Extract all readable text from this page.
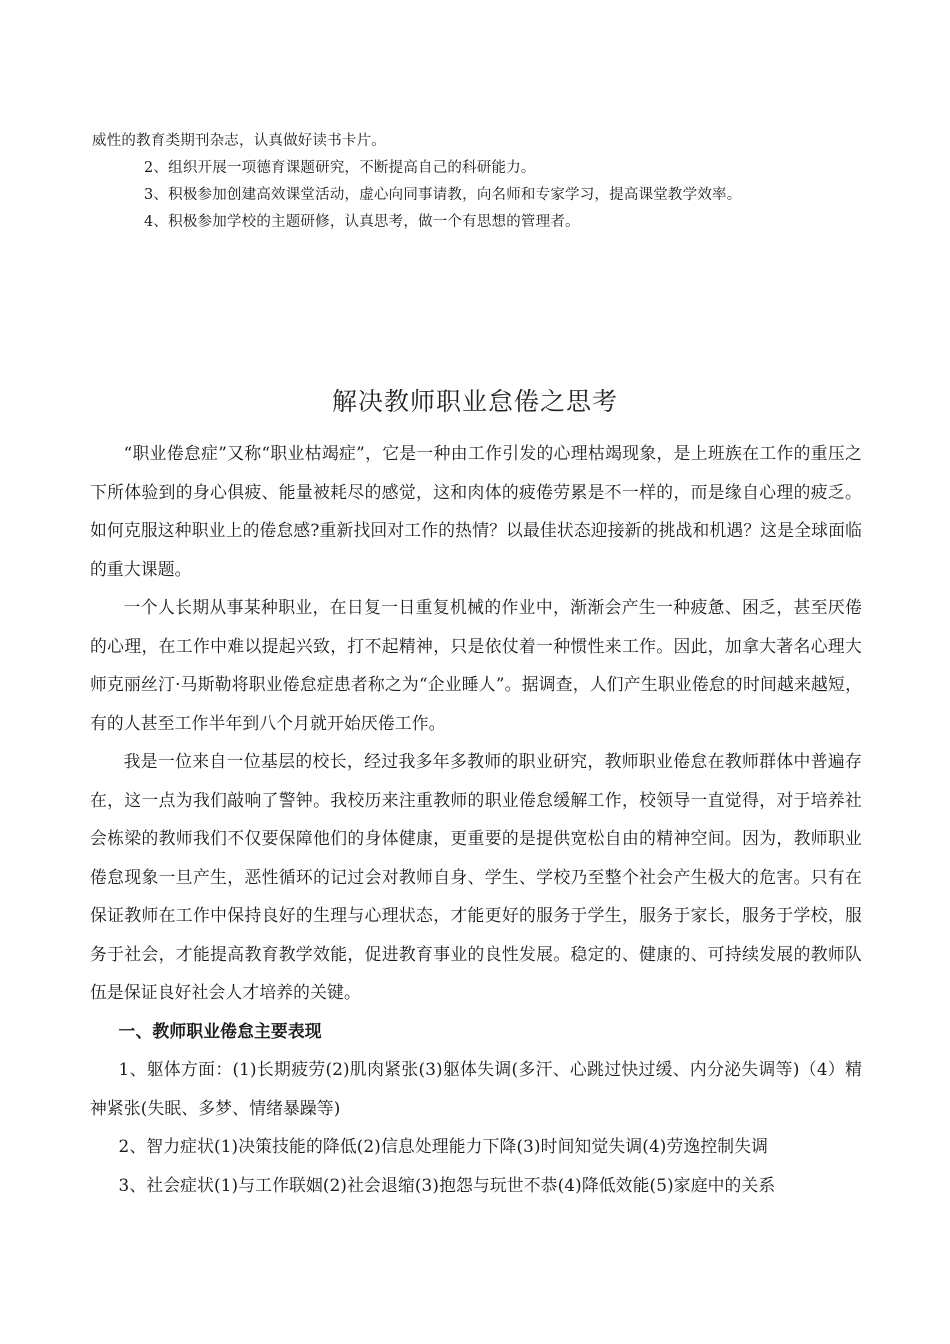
威性的教育类期刊杂志，认真做好读书卡片。
2、组织开展一项德育课题研究，不断提高自己的科研能力。
3、积极参加创建高效课堂活动，虚心向同事请教，向名师和专家学习，提高课堂教学效率。
4、积极参加学校的主题研修，认真思考，做一个有思想的管理者。
解决教师职业怠倦之思考

“职业倦怠症”又称“职业枯竭症”，它是一种由工作引发的心理枯竭现象，是上班族在工作的重压之下所体验到的身心俱疲、能量被耗尽的感觉，这和肉体的疲倦劳累是不一样的，而是缘自心理的疲乏。如何克服这种职业上的倦怠感?重新找回对工作的热情？以最佳状态迎接新的挑战和机遇？这是全球面临的重大课题。

一个人长期从事某种职业，在日复一日重复机械的作业中，渐渐会产生一种疲惫、困乏，甚至厌倦的心理，在工作中难以提起兴致，打不起精神，只是依仗着一种惯性来工作。因此，加拿大著名心理大师克丽丝汀·马斯勒将职业倦怠症患者称之为“企业睡人”。据调查，人们产生职业倦怠的时间越来越短，有的人甚至工作半年到八个月就开始厌倦工作。

我是一位来自一位基层的校长，经过我多年多教师的职业研究，教师职业倦怠在教师群体中普遍存在，这一点为我们敲响了警钟。我校历来注重教师的职业倦怠缓解工作，校领导一直觉得，对于培养社会栋梁的教师我们不仅要保障他们的身体健康，更重要的是提供宽松自由的精神空间。因为，教师职业倦怠现象一旦产生，恶性循环的记过会对教师自身、学生、学校乃至整个社会产生极大的危害。只有在保证教师在工作中保持良好的生理与心理状态，才能更好的服务于学生，服务于家长，服务于学校，服务于社会，才能提高教育教学效能，促进教育事业的良性发展。稳定的、健康的、可持续发展的教师队伍是保证良好社会人才培养的关键。

一、教师职业倦怠主要表现

1、躯体方面：(1)长期疲劳(2)肌肉紧张(3)躯体失调(多汗、心跳过快过缓、内分泌失调等)（4）精神紧张(失眠、多梦、情绪暴躁等)

2、智力症状(1)决策技能的降低(2)信息处理能力下降(3)时间知觉失调(4)劳逸控制失调

3、社会症状(1)与工作联姻(2)社会退缩(3)抱怨与玩世不恭(4)降低效能(5)家庭中的关系
